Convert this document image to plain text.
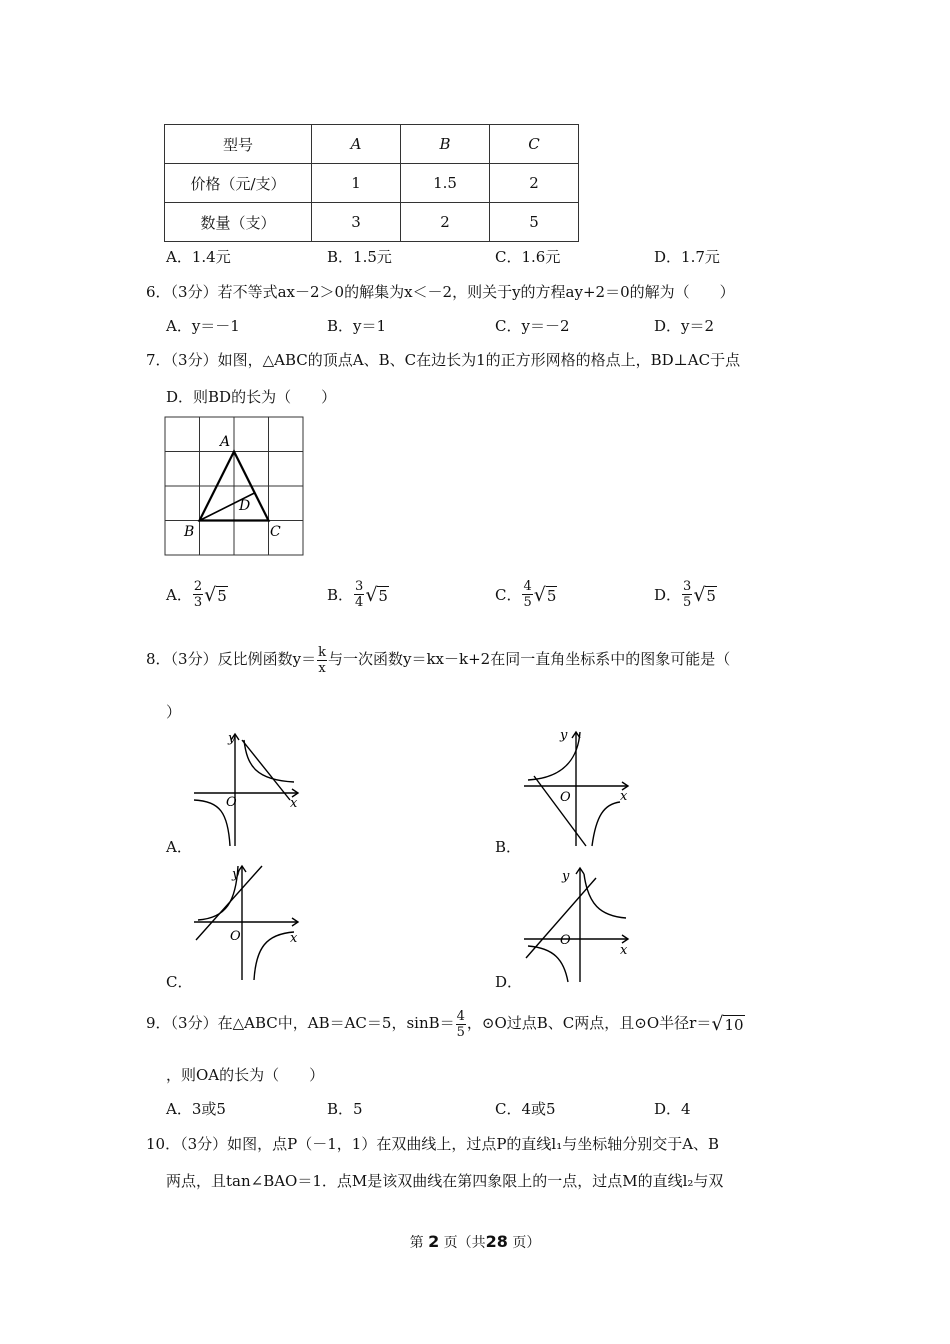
型号	A	B	C
价格（元/支）	1	1.5	2
数量（支）	3	2	5
A．1.4元	B．1.5元	C．1.6元	D．1.7元
6．（3分）若不等式ax－2＞0的解集为x＜－2，则关于y的方程ay+2＝0的解为（　　）
A．y＝－1	B．y＝1	C．y＝－2	D．y＝2
7．（3分）如图，△ABC的顶点A、B、C在边长为1的正方形网格的格点上，BD⊥AC于点
D．则BD的长为（　　）
A
B	C
D
A． $\frac{2}{3} √5$	B． $\frac{3}{4} √5$	C． $\frac{4}{5} √5$	D． $\frac{3}{5} √5$
8．（3分）反比例函数$y= \frac{k}{x}$ 与一次函数y＝kx－k+2在同一直角坐标系中的图象可能是（
）
y
x
O
A．
y
x
O
B．
y
x
O
C．
y
x
O
D．
9．（3分）在△ABC中，AB＝AC＝5，$\sin B= \frac{4}{5}$ ，⊙O过点B、C两点，且⊙O半径r＝√10
，则OA的长为（　　）
A．3或5	B．5	C．4或5	D．4
10．（3分）如图，点P（－1，1）在双曲线上，过点P的直线l₁与坐标轴分别交于A、B
两点，且tan∠BAO＝1．点M是该双曲线在第四象限上的一点，过点M的直线l₂与双
第 2 页（共28 页）
